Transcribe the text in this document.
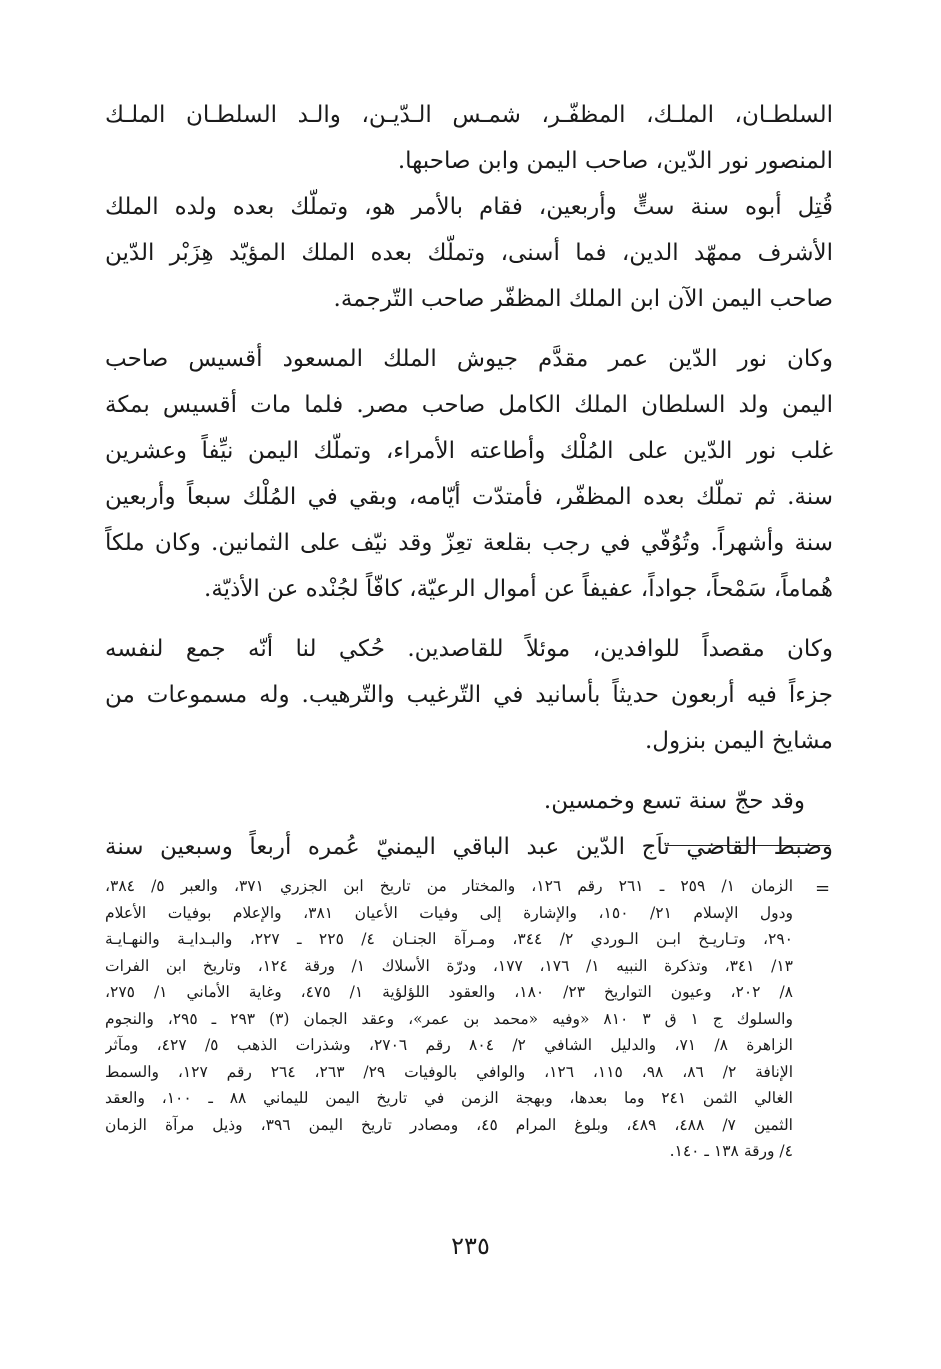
السلطـان، الملـك، المظفّـر، شمـس الـدّيـن، والـد السلطـان الملـك
المنصور نور الدّين، صاحب اليمن وابن صاحبها.
قُتِل أبوه سنة ستٍّ وأربعين، فقام بالأمر هو، وتملّك بعده ولده الملك
الأشرف ممهّد الدين، فما أسنى، وتملّك بعده الملك المؤيّد هِزَبْر الدّين
صاحب اليمن الآن ابن الملك المظفّر صاحب التّرجمة.
وكان نور الدّين عمر مقدَّم جيوش الملك المسعود أقسيس صاحب
اليمن ولد السلطان الملك الكامل صاحب مصر. فلما مات أقسيس بمكة
غلب نور الدّين على المُلْك وأطاعته الأمراء، وتملّك اليمن نيِّفاً وعشرين
سنة. ثم تملّك بعده المظفّر، فأمتدّت أيّامه، وبقي في المُلْك سبعاً وأربعين
سنة وأشهراً. وتُوُفّي في رجب بقلعة تعِزّ وقد نيّف على الثمانين. وكان ملكاً
هُماماً، سَمْحاً، جواداً، عفيفاً عن أموال الرعيّة، كافّاً لجُنْده عن الأذيّة.
وكان مقصداً للوافدين، موئلاً للقاصدين. حُكي لنا أنّه جمع لنفسه
جزءاً فيه أربعون حديثاً بأسانيد في التّرغيب والتّرهيب. وله مسموعات من
مشايخ اليمن بنزول.
وقد حجّ سنة تسع وخمسين.
وضبط القاضي تاَج الدّين عبد الباقي اليمنيّ عُمره أربعاً وسبعين سنة
=
الزمان ١/ ٢٥٩ ـ ٢٦١ رقم ١٢٦، والمختار من تاريخ ابن الجزري ٣٧١، والعبر ٥/ ٣٨٤،
ودول الإسلام ٢١/ ١٥٠، والإشارة إلى وفيات الأعيان ٣٨١، والإعلام بوفيات الأعلام
٢٩٠، وتـاريـخ ابـن الـوردي ٢/ ٣٤٤، ومـرآة الجنـان ٤/ ٢٢٥ ـ ٢٢٧، والبـدايـة والنهـايـة
١٣/ ٣٤١، وتذكرة النبيه ١/ ١٧٦، ١٧٧، ودرّة الأسلاك ١/ ورقة ١٢٤، وتاريخ ابن الفرات
٨/ ٢٠٢، وعيون التواريخ ٢٣/ ١٨٠، والعقود اللؤلؤية ١/ ٤٧٥، وغاية الأماني ١/ ٢٧٥،
والسلوك ج ١ ق ٣ ٨١٠ «وفيه «محمد بن عمر»، وعقد الجمان (٣) ٢٩٣ ـ ٢٩٥، والنجوم
الزاهرة ٨/ ٧١، والدليل الشافي ٢/ ٨٠٤ رقم ٢٧٠٦، وشذرات الذهب ٥/ ٤٢٧، ومآثر
الإنافة ٢/ ٨٦، ٩٨، ١١٥، ١٢٦، والوافي بالوفيات ٢٩/ ٢٦٣، ٢٦٤ رقم ١٢٧، والسمط
الغالي الثمن ٢٤١ وما بعدها، وبهجة الزمن في تاريخ اليمن لليماني ٨٨ ـ ١٠٠، والعقد
الثمين ٧/ ٤٨٨، ٤٨٩، وبلوغ المرام ٤٥، ومصادر تاريخ اليمن ٣٩٦، وذيل مرآة الزمان
٤/ ورقة ١٣٨ ـ ١٤٠.
٢٣٥
